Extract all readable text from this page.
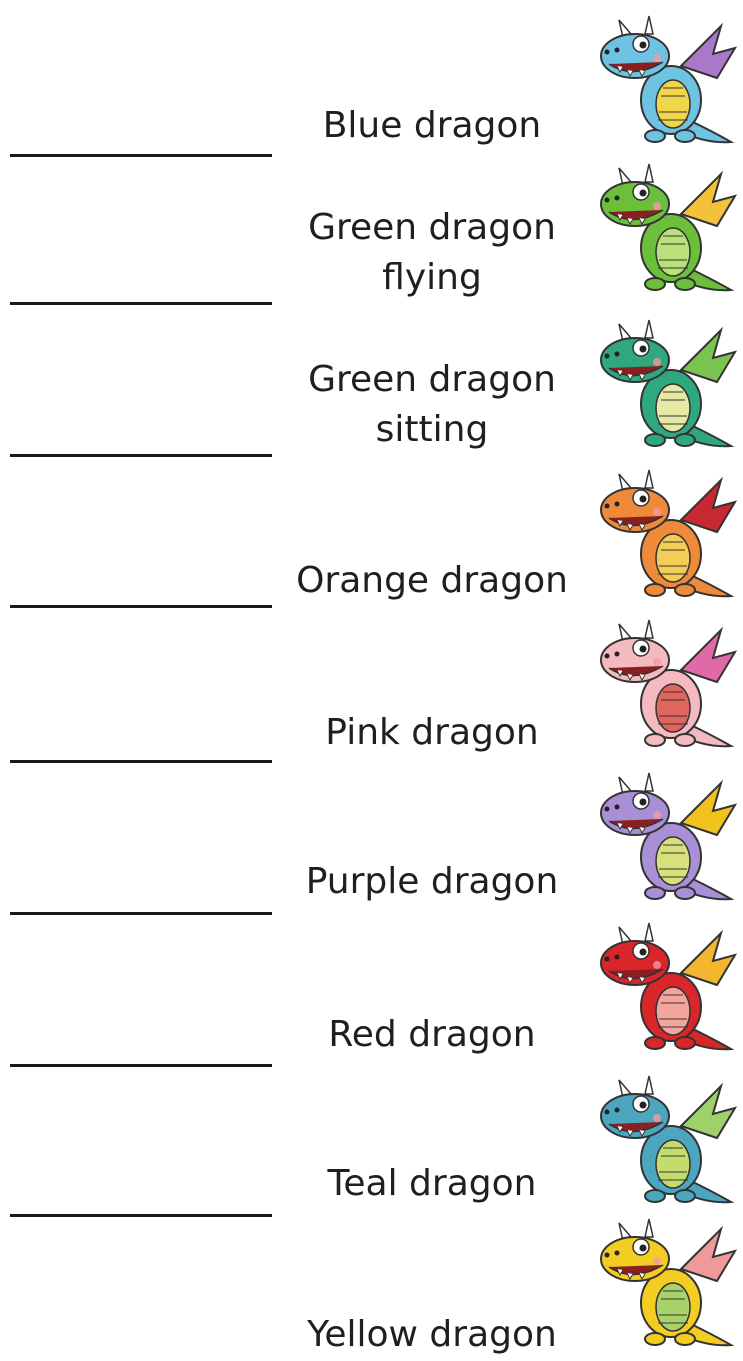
Blue dragon
Green dragon
flying
Green dragon
sitting
Orange dragon
Pink dragon
Purple dragon
Red dragon
Teal dragon
Yellow dragon
